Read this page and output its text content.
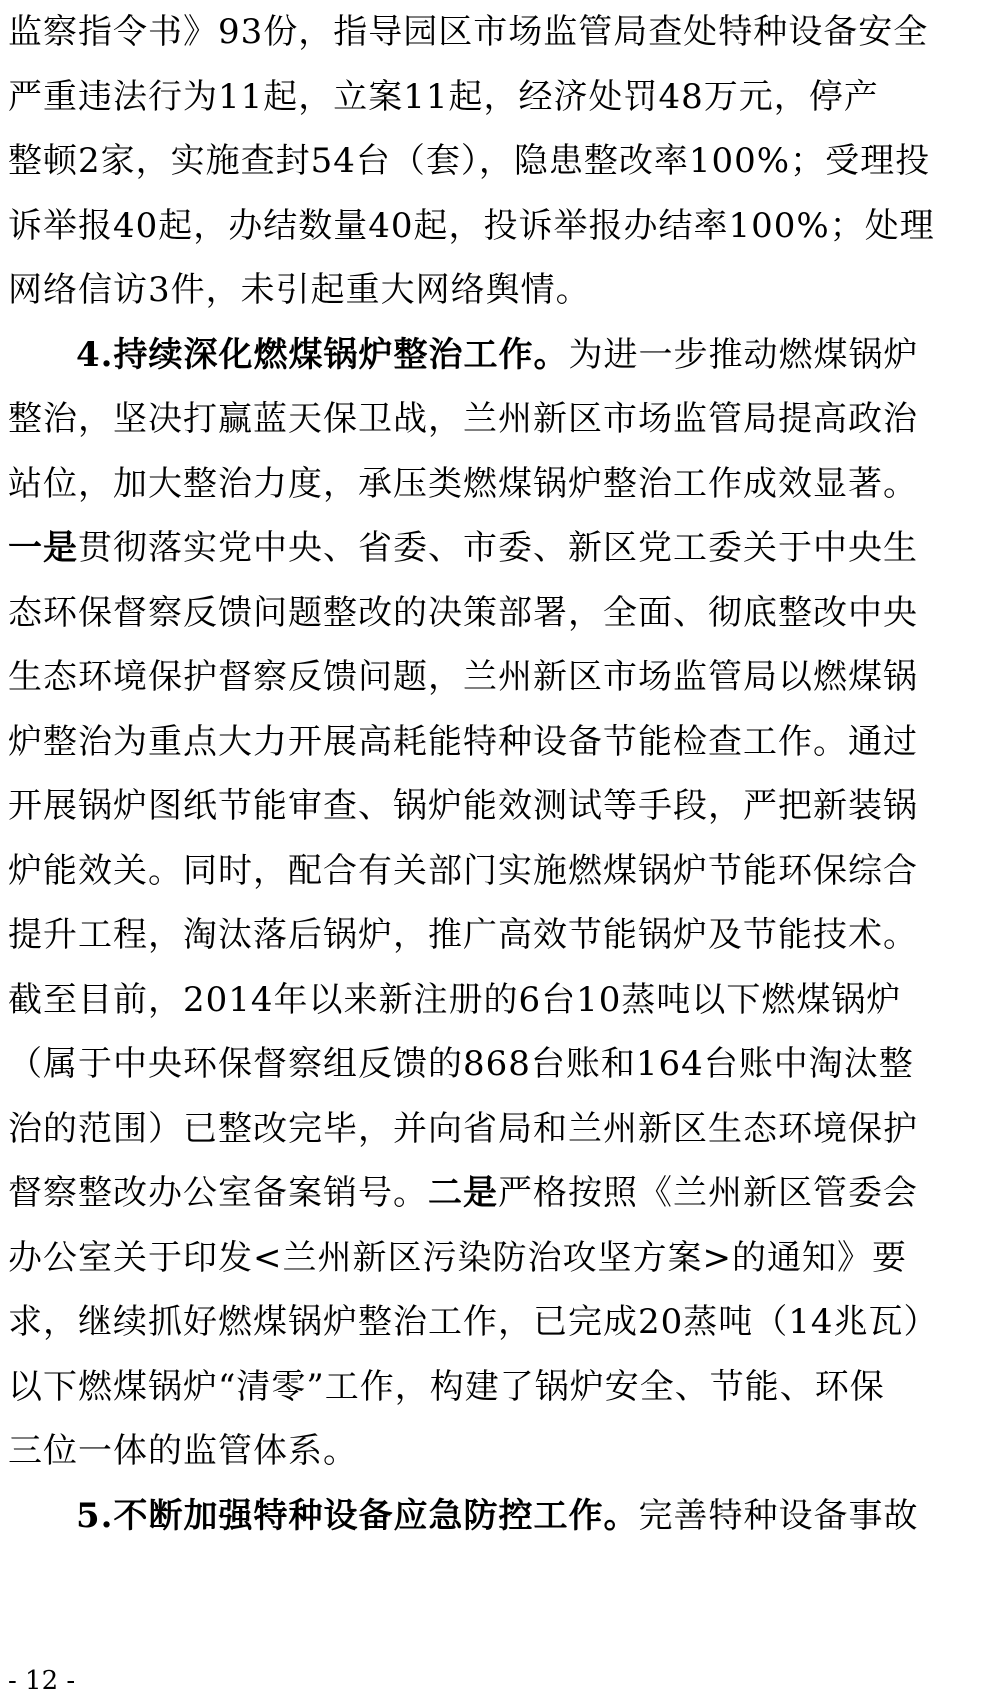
监察指令书》93份，指导园区市场监管局查处特种设备安全
严重违法行为11起，立案11起，经济处罚48万元，停产
整顿2家，实施查封54台（套），隐患整改率100%；受理投
诉举报40起，办结数量40起，投诉举报办结率100%；处理
网络信访3件，未引起重大网络舆情。
4.持续深化燃煤锅炉整治工作。为进一步推动燃煤锅炉
整治，坚决打赢蓝天保卫战，兰州新区市场监管局提高政治
站位，加大整治力度，承压类燃煤锅炉整治工作成效显著。
一是贯彻落实党中央、省委、市委、新区党工委关于中央生
态环保督察反馈问题整改的决策部署，全面、彻底整改中央
生态环境保护督察反馈问题，兰州新区市场监管局以燃煤锅
炉整治为重点大力开展高耗能特种设备节能检查工作。通过
开展锅炉图纸节能审查、锅炉能效测试等手段，严把新装锅
炉能效关。同时，配合有关部门实施燃煤锅炉节能环保综合
提升工程，淘汰落后锅炉，推广高效节能锅炉及节能技术。
截至目前，2014年以来新注册的6台10蒸吨以下燃煤锅炉
（属于中央环保督察组反馈的868台账和164台账中淘汰整
治的范围）已整改完毕，并向省局和兰州新区生态环境保护
督察整改办公室备案销号。二是严格按照《兰州新区管委会
办公室关于印发<兰州新区污染防治攻坚方案>的通知》要
求，继续抓好燃煤锅炉整治工作，已完成20蒸吨（14兆瓦）
以下燃煤锅炉“清零”工作，构建了锅炉安全、节能、环保
三位一体的监管体系。
5.不断加强特种设备应急防控工作。完善特种设备事故
- 12 -
